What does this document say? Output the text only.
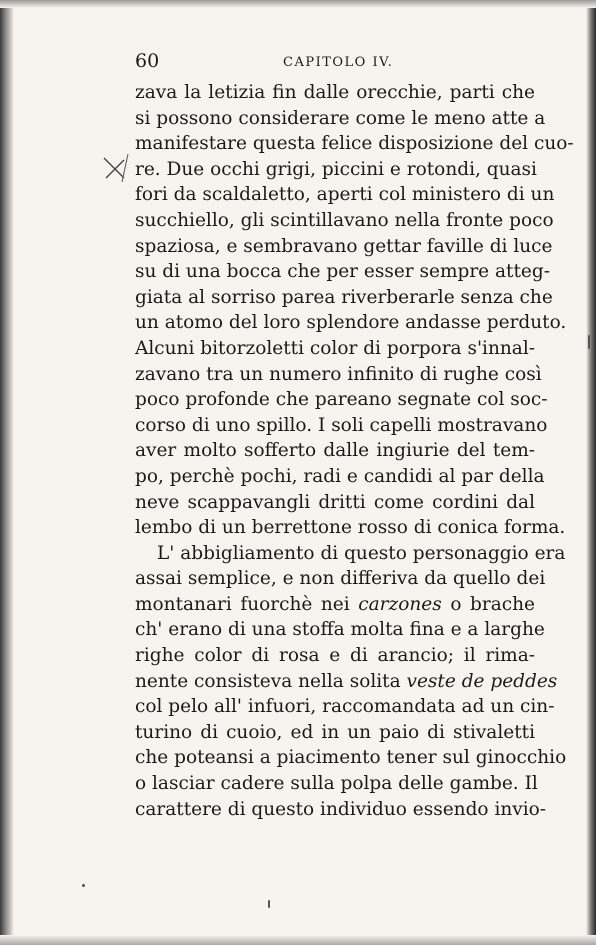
60	CAPITOLO IV.
zava la letizia fin dalle orecchie, parti che
si possono considerare come le meno atte a
manifestare questa felice disposizione del cuo-
re. Due occhi grigi, piccini e rotondi, quasi
fori da scaldaletto, aperti col ministero di un
succhiello, gli scintillavano nella fronte poco
spaziosa, e sembravano gettar faville di luce
su di una bocca che per esser sempre atteg-
giata al sorriso parea riverberarle senza che
un atomo del loro splendore andasse perduto.
Alcuni bitorzoletti color di porpora s'innal-
zavano tra un numero infinito di rughe così
poco profonde che pareano segnate col soc-
corso di uno spillo. I soli capelli mostravano
aver molto sofferto dalle ingiurie del tem-
po, perchè pochi, radi e candidi al par della
neve scappavangli dritti come cordini dal
lembo di un berrettone rosso di conica forma.
L' abbigliamento di questo personaggio era
assai semplice, e non differiva da quello dei
montanari fuorchè nei carzones o brache
ch' erano di una stoffa molta fina e a larghe
righe color di rosa e di arancio; il rima-
nente consisteva nella solita veste de peddes
col pelo all' infuori, raccomandata ad un cin-
turino di cuoio, ed in un paio di stivaletti
che poteansi a piacimento tener sul ginocchio
o lasciar cadere sulla polpa delle gambe. Il
carattere di questo individuo essendo invio-
